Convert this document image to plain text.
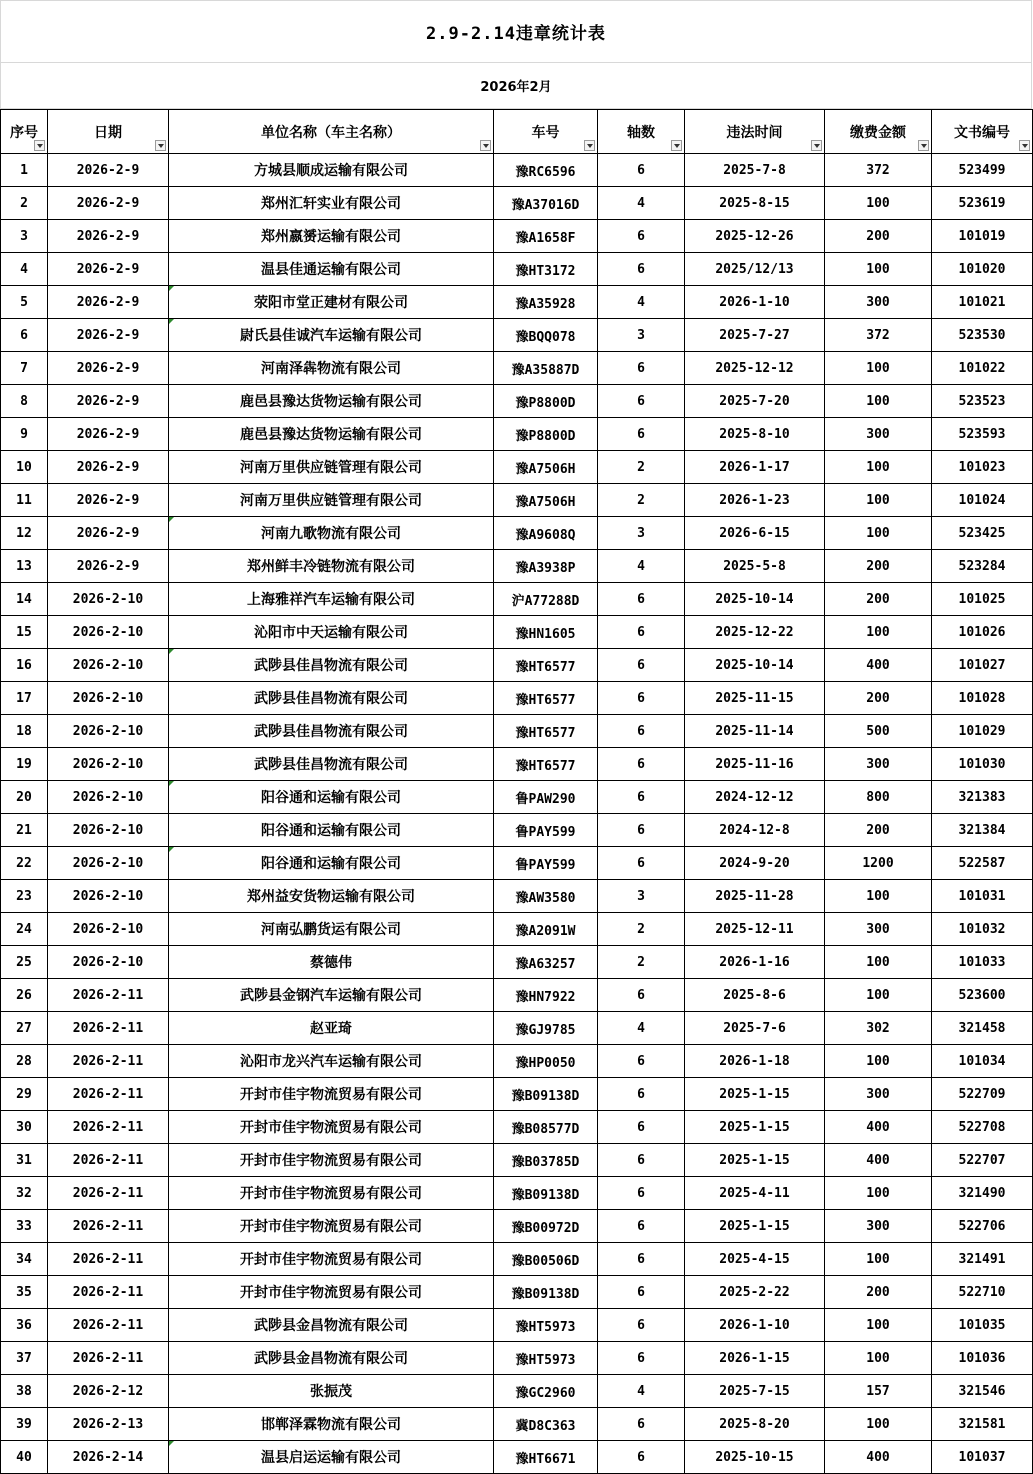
2.9-2.14违章统计表
2026年2月
序号	日期	单位名称（车主名称）	车号	轴数	违法时间	缴费金额	文书编号

1	2026-2-9	方城县顺成运输有限公司	豫RC6596	6	2025-7-8	372	523499
2	2026-2-9	郑州汇轩实业有限公司	豫A37016D	4	2025-8-15	100	523619
3	2026-2-9	郑州嬴赟运输有限公司	豫A1658F	6	2025-12-26	200	101019
4	2026-2-9	温县佳通运输有限公司	豫HT3172	6	2025/12/13	100	101020
5	2026-2-9	荥阳市堂正建材有限公司	豫A35928	4	2026-1-10	300	101021
6	2026-2-9	尉氏县佳诚汽车运输有限公司	豫BQQ078	3	2025-7-27	372	523530
7	2026-2-9	河南泽犇物流有限公司	豫A35887D	6	2025-12-12	100	101022
8	2026-2-9	鹿邑县豫达货物运输有限公司	豫P8800D	6	2025-7-20	100	523523
9	2026-2-9	鹿邑县豫达货物运输有限公司	豫P8800D	6	2025-8-10	300	523593
10	2026-2-9	河南万里供应链管理有限公司	豫A7506H	2	2026-1-17	100	101023
11	2026-2-9	河南万里供应链管理有限公司	豫A7506H	2	2026-1-23	100	101024
12	2026-2-9	河南九歌物流有限公司	豫A9608Q	3	2026-6-15	100	523425
13	2026-2-9	郑州鲜丰冷链物流有限公司	豫A3938P	4	2025-5-8	200	523284
14	2026-2-10	上海雅祥汽车运输有限公司	沪A77288D	6	2025-10-14	200	101025
15	2026-2-10	沁阳市中天运输有限公司	豫HN1605	6	2025-12-22	100	101026
16	2026-2-10	武陟县佳昌物流有限公司	豫HT6577	6	2025-10-14	400	101027
17	2026-2-10	武陟县佳昌物流有限公司	豫HT6577	6	2025-11-15	200	101028
18	2026-2-10	武陟县佳昌物流有限公司	豫HT6577	6	2025-11-14	500	101029
19	2026-2-10	武陟县佳昌物流有限公司	豫HT6577	6	2025-11-16	300	101030
20	2026-2-10	阳谷通和运输有限公司	鲁PAW290	6	2024-12-12	800	321383
21	2026-2-10	阳谷通和运输有限公司	鲁PAY599	6	2024-12-8	200	321384
22	2026-2-10	阳谷通和运输有限公司	鲁PAY599	6	2024-9-20	1200	522587
23	2026-2-10	郑州益安货物运输有限公司	豫AW3580	3	2025-11-28	100	101031
24	2026-2-10	河南弘鹏货运有限公司	豫A2091W	2	2025-12-11	300	101032
25	2026-2-10	蔡德伟	豫A63257	2	2026-1-16	100	101033
26	2026-2-11	武陟县金钢汽车运输有限公司	豫HN7922	6	2025-8-6	100	523600
27	2026-2-11	赵亚琦	豫GJ9785	4	2025-7-6	302	321458
28	2026-2-11	沁阳市龙兴汽车运输有限公司	豫HP0050	6	2026-1-18	100	101034
29	2026-2-11	开封市佳宇物流贸易有限公司	豫B09138D	6	2025-1-15	300	522709
30	2026-2-11	开封市佳宇物流贸易有限公司	豫B08577D	6	2025-1-15	400	522708
31	2026-2-11	开封市佳宇物流贸易有限公司	豫B03785D	6	2025-1-15	400	522707
32	2026-2-11	开封市佳宇物流贸易有限公司	豫B09138D	6	2025-4-11	100	321490
33	2026-2-11	开封市佳宇物流贸易有限公司	豫B00972D	6	2025-1-15	300	522706
34	2026-2-11	开封市佳宇物流贸易有限公司	豫B00506D	6	2025-4-15	100	321491
35	2026-2-11	开封市佳宇物流贸易有限公司	豫B09138D	6	2025-2-22	200	522710
36	2026-2-11	武陟县金昌物流有限公司	豫HT5973	6	2026-1-10	100	101035
37	2026-2-11	武陟县金昌物流有限公司	豫HT5973	6	2026-1-15	100	101036
38	2026-2-12	张振茂	豫GC2960	4	2025-7-15	157	321546
39	2026-2-13	邯郸泽霖物流有限公司	冀D8C363	6	2025-8-20	100	321581
40	2026-2-14	温县启运运输有限公司	豫HT6671	6	2025-10-15	400	101037
